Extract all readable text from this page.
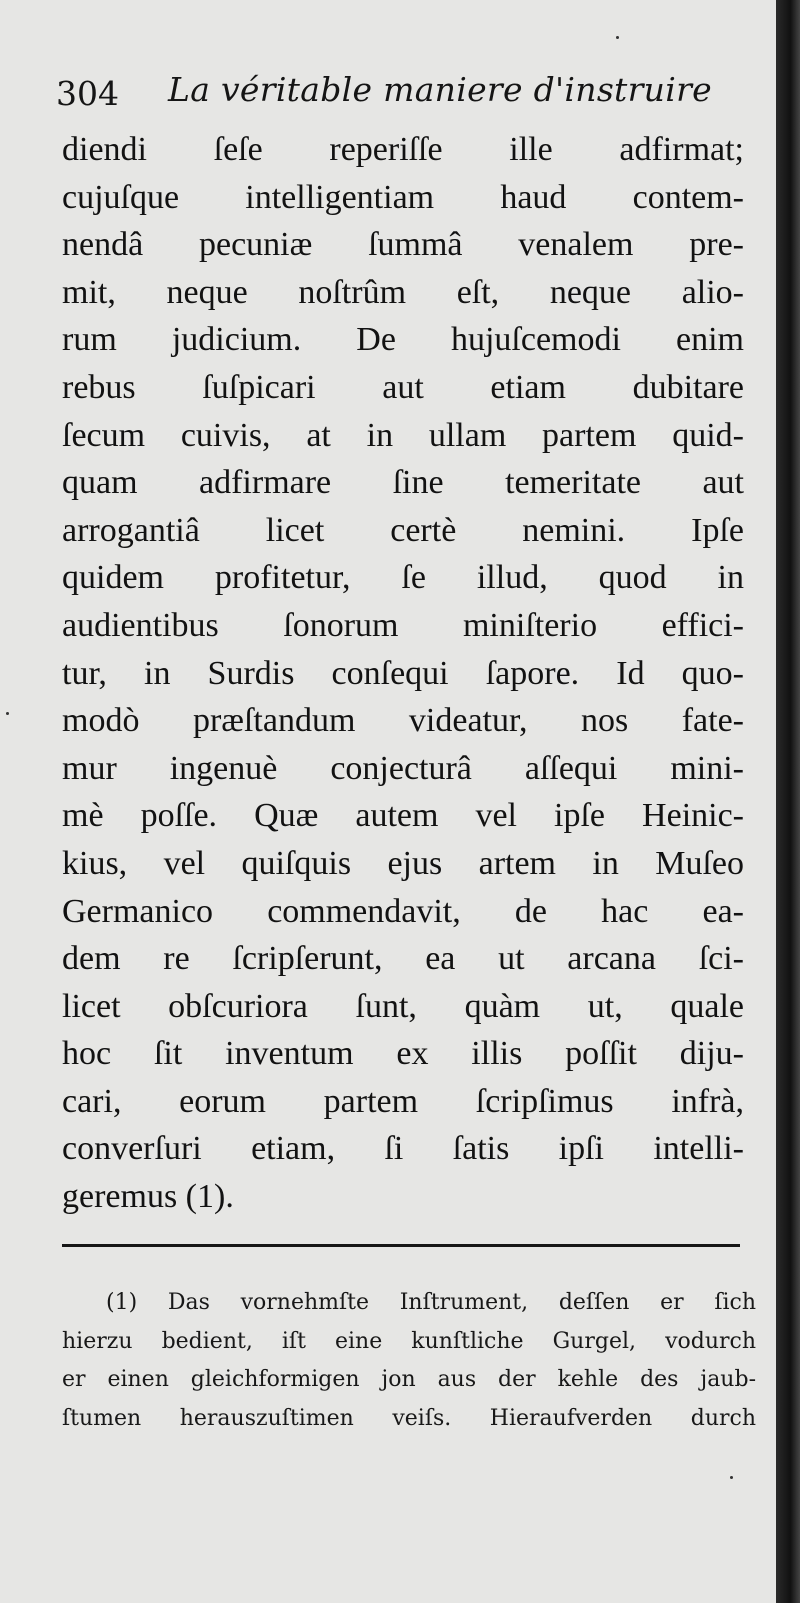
304 La véritable maniere d'instruire
diendi ſeſe reperiſſe ille adfirmat;
cujuſque intelligentiam haud contem-
nendâ pecuniæ ſummâ venalem pre-
mit, neque noſtrûm eſt, neque alio-
rum judicium. De hujuſcemodi enim
rebus ſuſpicari aut etiam dubitare
ſecum cuivis, at in ullam partem quid-
quam adfirmare ſine temeritate aut
arrogantiâ licet certè nemini. Ipſe
quidem profitetur, ſe illud, quod in
audientibus ſonorum miniſterio effici-
tur, in Surdis conſequi ſapore. Id quo-
modò præſtandum videatur, nos fate-
mur ingenuè conjecturâ aſſequi mini-
mè poſſe. Quæ autem vel ipſe Heinic-
kius, vel quiſquis ejus artem in Muſeo
Germanico commendavit, de hac ea-
dem re ſcripſerunt, ea ut arcana ſci-
licet obſcuriora ſunt, quàm ut, quale
hoc ſit inventum ex illis poſſit diju-
cari, eorum partem ſcripſimus infrà,
converſuri etiam, ſi ſatis ipſi intelli-
geremus (1).
(1) Das vornehmſte Inſtrument, deſſen er ſich
hierzu bedient, iſt eine kunſtliche Gurgel, vodurch
er einen gleichformigen jon aus der kehle des jaub-
ſtumen herauszuſtimen veiſs. Hieraufverden durch
